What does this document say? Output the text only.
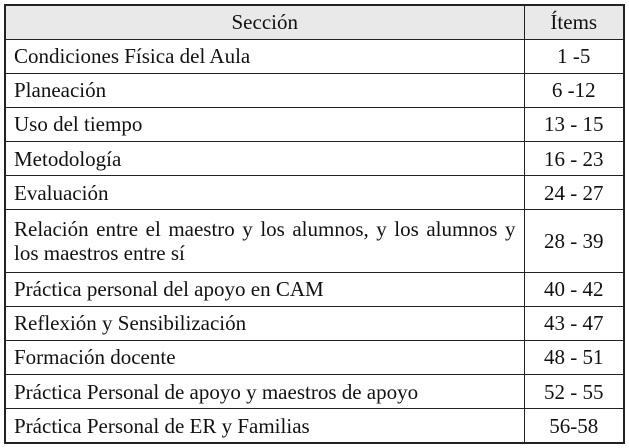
Sección	Ítems
Condiciones Física del Aula	1 -5
Planeación	6 -12
Uso del tiempo	13 - 15
Metodología	16 - 23
Evaluación	24 - 27
Relación entre el maestro y los alumnos, y los alumnos y los maestros entre sí	28 - 39
Práctica personal del apoyo en CAM	40 - 42
Reflexión y Sensibilización	43 - 47
Formación docente	48 - 51
Práctica Personal de apoyo y maestros de apoyo	52 - 55
Práctica Personal de ER y Familias	56-58
